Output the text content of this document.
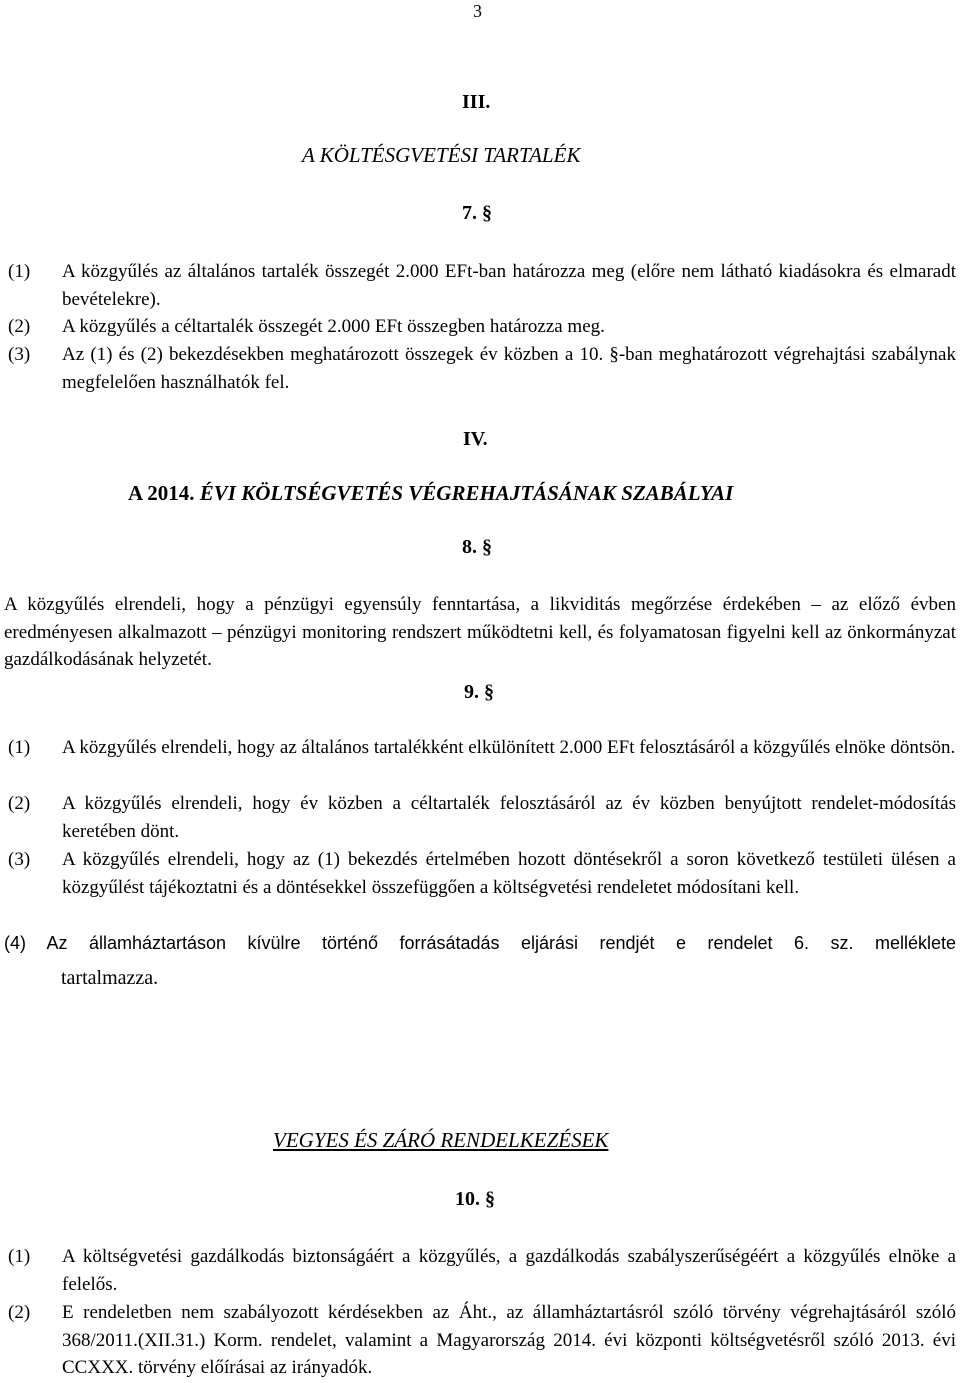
3
III.
A KÖLTÉSGVETÉSI TARTALÉK
7. §
(1) A közgyűlés az általános tartalék összegét 2.000 EFt-ban határozza meg (előre nem látható kiadásokra és elmaradt bevételekre).
(2) A közgyűlés a céltartalék összegét 2.000 EFt összegben határozza meg.
(3) Az (1) és (2) bekezdésekben meghatározott összegek év közben a 10. §-ban meghatározott végrehajtási szabálynak megfelelően használhatók fel.
IV.
A 2014. ÉVI KÖLTSÉGVETÉS VÉGREHAJTÁSÁNAK SZABÁLYAI
8. §

A közgyűlés elrendeli, hogy a pénzügyi egyensúly fenntartása, a likviditás megőrzése érdekében – az előző évben eredményesen alkalmazott – pénzügyi monitoring rendszert működtetni kell, és folyamatosan figyelni kell az önkormányzat gazdálkodásának helyzetét.

9. §
(1) A közgyűlés elrendeli, hogy az általános tartalékként elkülönített 2.000 EFt felosztásáról a közgyűlés elnöke döntsön.
(2) A közgyűlés elrendeli, hogy év közben a céltartalék felosztásáról az év közben benyújtott rendelet-módosítás keretében dönt.
(3) A közgyűlés elrendeli, hogy az (1) bekezdés értelmében hozott döntésekről a soron következő testületi ülésen a közgyűlést tájékoztatni és a döntésekkel összefüggően a költségvetési rendeletet módosítani kell.
(4) Az államháztartáson kívülre történő forrásátadás eljárási rendjét e rendelet 6. sz. melléklete
tartalmazza.
VEGYES ÉS ZÁRÓ RENDELKEZÉSEK
10. §
(1) A költségvetési gazdálkodás biztonságáért a közgyűlés, a gazdálkodás szabályszerűségéért a közgyűlés elnöke a felelős.
(2) E rendeletben nem szabályozott kérdésekben az Áht., az államháztartásról szóló törvény végrehajtásáról szóló 368/2011.(XII.31.) Korm. rendelet, valamint a Magyarország 2014. évi központi költségvetésről szóló 2013. évi CCXXX. törvény előírásai az irányadók.
